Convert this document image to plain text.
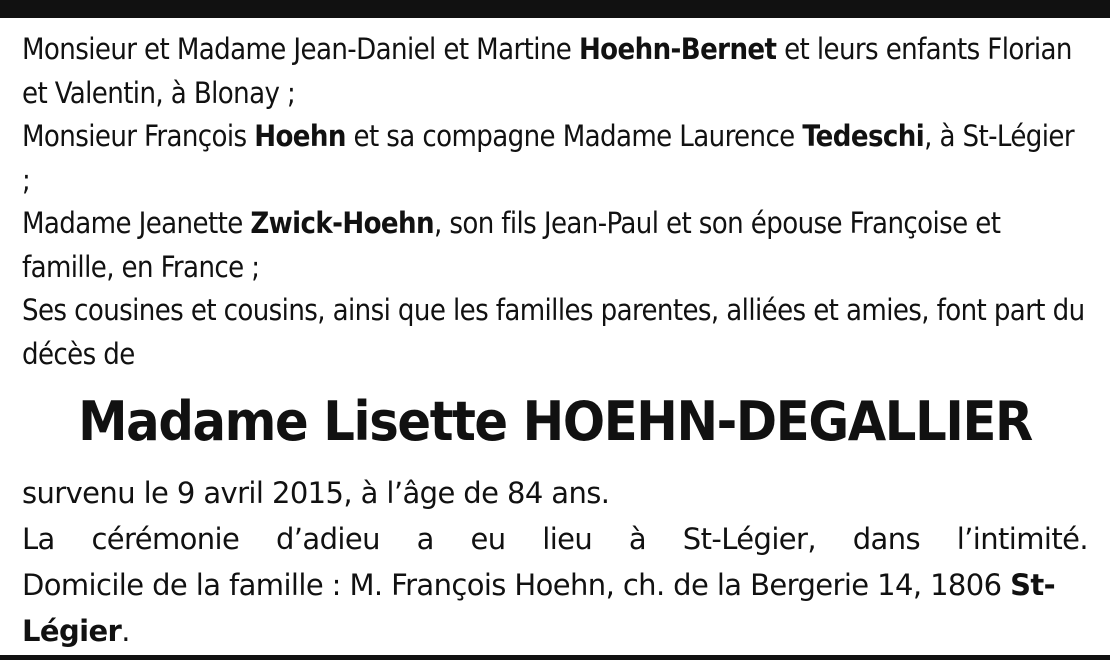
Monsieur et Madame Jean-Daniel et Martine Hoehn-Bernet et leurs enfants Florian et Valentin, à Blonay ;

Monsieur François Hoehn et sa compagne Madame Laurence Tedeschi, à St-Légier ;

Madame Jeanette Zwick-Hoehn, son fils Jean-Paul et son épouse Françoise et famille, en France ;

Ses cousines et cousins, ainsi que les familles parentes, alliées et amies, font part du décès de

Madame Lisette HOEHN-DEGALLIER

survenu le 9 avril 2015, à l’âge de 84 ans.

La cérémonie d’adieu a eu lieu à St-Légier, dans l’intimité.

Domicile de la famille : M. François Hoehn, ch. de la Bergerie 14, 1806 St-Légier.
